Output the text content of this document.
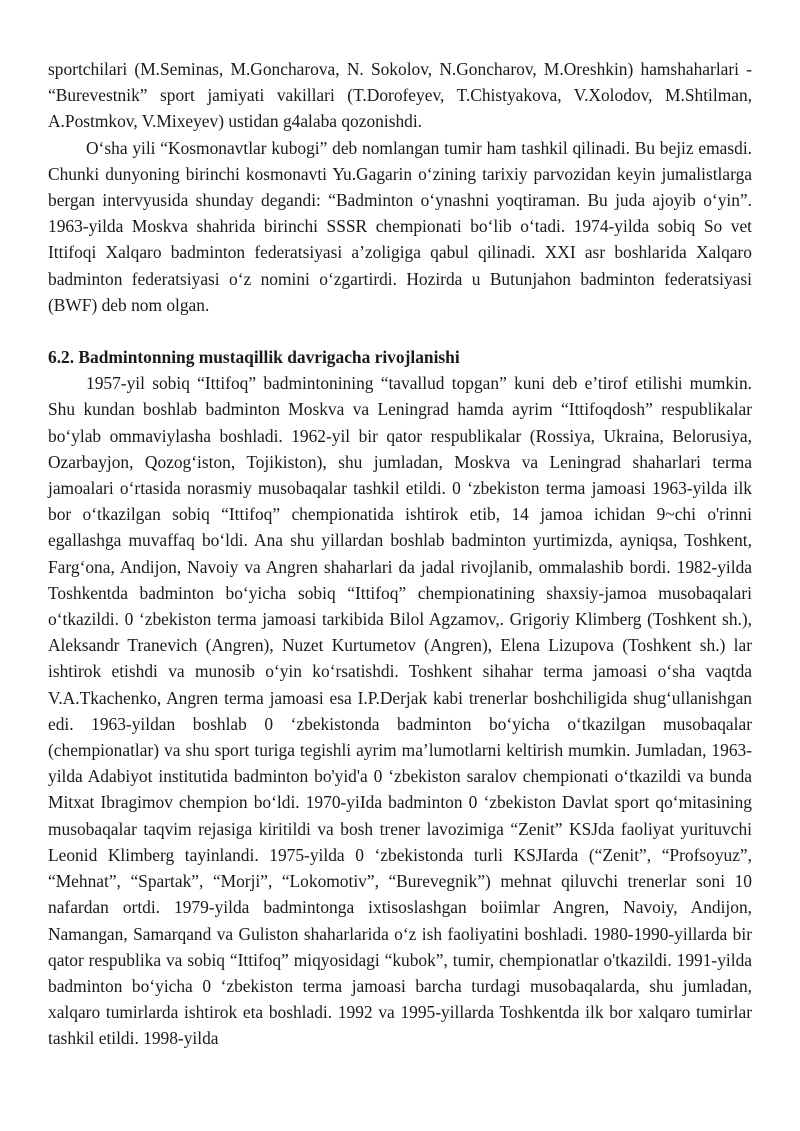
sportchilari (M.Seminas, M.Goncharova, N. Sokolov, N.Goncharov, M.Oreshkin) hamshaharlari - “Burevestnik” sport jamiyati vakillari (T.Dorofeyev, T.Chistyakova, V.Xolodov, M.Shtilman, A.Postmkov, V.Mixeyev) ustidan g4alaba qozonishdi.

O‘sha yili “Kosmonavtlar kubogi” deb nomlangan tumir ham tashkil qilinadi. Bu bejiz emasdi. Chunki dunyoning birinchi kosmonavti Yu.Gagarin o‘zining tarixiy parvozidan keyin jumalistlarga bergan intervyusida shunday degandi: “Badminton o‘ynashni yoqtiraman. Bu juda ajoyib o‘yin”. 1963-yilda Moskva shahrida birinchi SSSR chempionati bo‘lib o‘tadi. 1974-yilda sobiq So vet Ittifoqi Xalqaro badminton federatsiyasi a’zoligiga qabul qilinadi. XXI asr boshlarida Xalqaro badminton federatsiyasi o‘z nomini o‘zgartirdi. Hozirda u Butunjahon badminton federatsiyasi (BWF) deb nom olgan.

6.2. Badmintonning mustaqillik davrigacha rivojlanishi

1957-yil sobiq “Ittifoq” badmintonining “tavallud topgan” kuni deb e’tirof etilishi mumkin. Shu kundan boshlab badminton Moskva va Leningrad hamda ayrim “Ittifoqdosh” respublikalar bo‘ylab ommaviylasha boshladi. 1962-yil bir qator respublikalar (Rossiya, Ukraina, Belorusiya, Ozarbayjon, Qozog‘iston, Tojikiston), shu jumladan, Moskva va Leningrad shaharlari terma jamoalari o‘rtasida norasmiy musobaqalar tashkil etildi. 0 ‘zbekiston terma jamoasi 1963-yilda ilk bor o‘tkazilgan sobiq “Ittifoq” chempionatida ishtirok etib, 14 jamoa ichidan 9~chi o'rinni egallashga muvaffaq bo‘ldi. Ana shu yillardan boshlab badminton yurtimizda, ayniqsa, Toshkent, Farg‘ona, Andijon, Navoiy va Angren shaharlari da jadal rivojlanib, ommalashib bordi. 1982-yilda Toshkentda badminton bo‘yicha sobiq “Ittifoq” chempionatining shaxsiy-jamoa musobaqalari o‘tkazildi. 0 ‘zbekiston terma jamoasi tarkibida Bilol Agzamov,. Grigoriy Klimberg (Toshkent sh.), Aleksandr Tranevich (Angren), Nuzet Kurtumetov (Angren), Elena Lizupova (Toshkent sh.) lar ishtirok etishdi va munosib o‘yin ko‘rsatishdi. Toshkent sihahar terma jamoasi o‘sha vaqtda V.A.Tkachenko, Angren terma jamoasi esa I.P.Derjak kabi trenerlar boshchiligida shug‘ullanishgan edi. 1963-yildan boshlab 0 ‘zbekistonda badminton bo‘yicha o‘tkazilgan musobaqalar (chempionatlar) va shu sport turiga tegishli ayrim ma’lumotlarni keltirish mumkin. Jumladan, 1963- yilda Adabiyot institutida badminton bo'yid'a 0 ‘zbekiston saralov chempionati o‘tkazildi va bunda Mitxat Ibragimov chempion bo‘ldi. 1970-yiIda badminton 0 ‘zbekiston Davlat sport qo‘mitasining musobaqalar taqvim rejasiga kiritildi va bosh trener lavozimiga “Zenit” KSJda faoliyat yurituvchi Leonid Klimberg tayinlandi. 1975-yilda 0 ‘zbekistonda turli KSJIarda (“Zenit”, “Profsoyuz”, “Mehnat”, “Spartak”, “Morji”, “Lokomotiv”, “Burevegnik”) mehnat qiluvchi trenerlar soni 10 nafardan ortdi. 1979-yilda badmintonga ixtisoslashgan boiimlar Angren, Navoiy, Andijon, Namangan, Samarqand va Guliston shaharlarida o‘z ish faoliyatini boshladi. 1980-1990-yillarda bir qator respublika va sobiq “Ittifoq” miqyosidagi “kubok”, tumir, chempionatlar o'tkazildi. 1991-yilda badminton bo‘yicha 0 ‘zbekiston terma jamoasi barcha turdagi musobaqalarda, shu jumladan, xalqaro tumirlarda ishtirok eta boshladi. 1992 va 1995-yillarda Toshkentda ilk bor xalqaro tumirlar tashkil etildi. 1998-yilda
